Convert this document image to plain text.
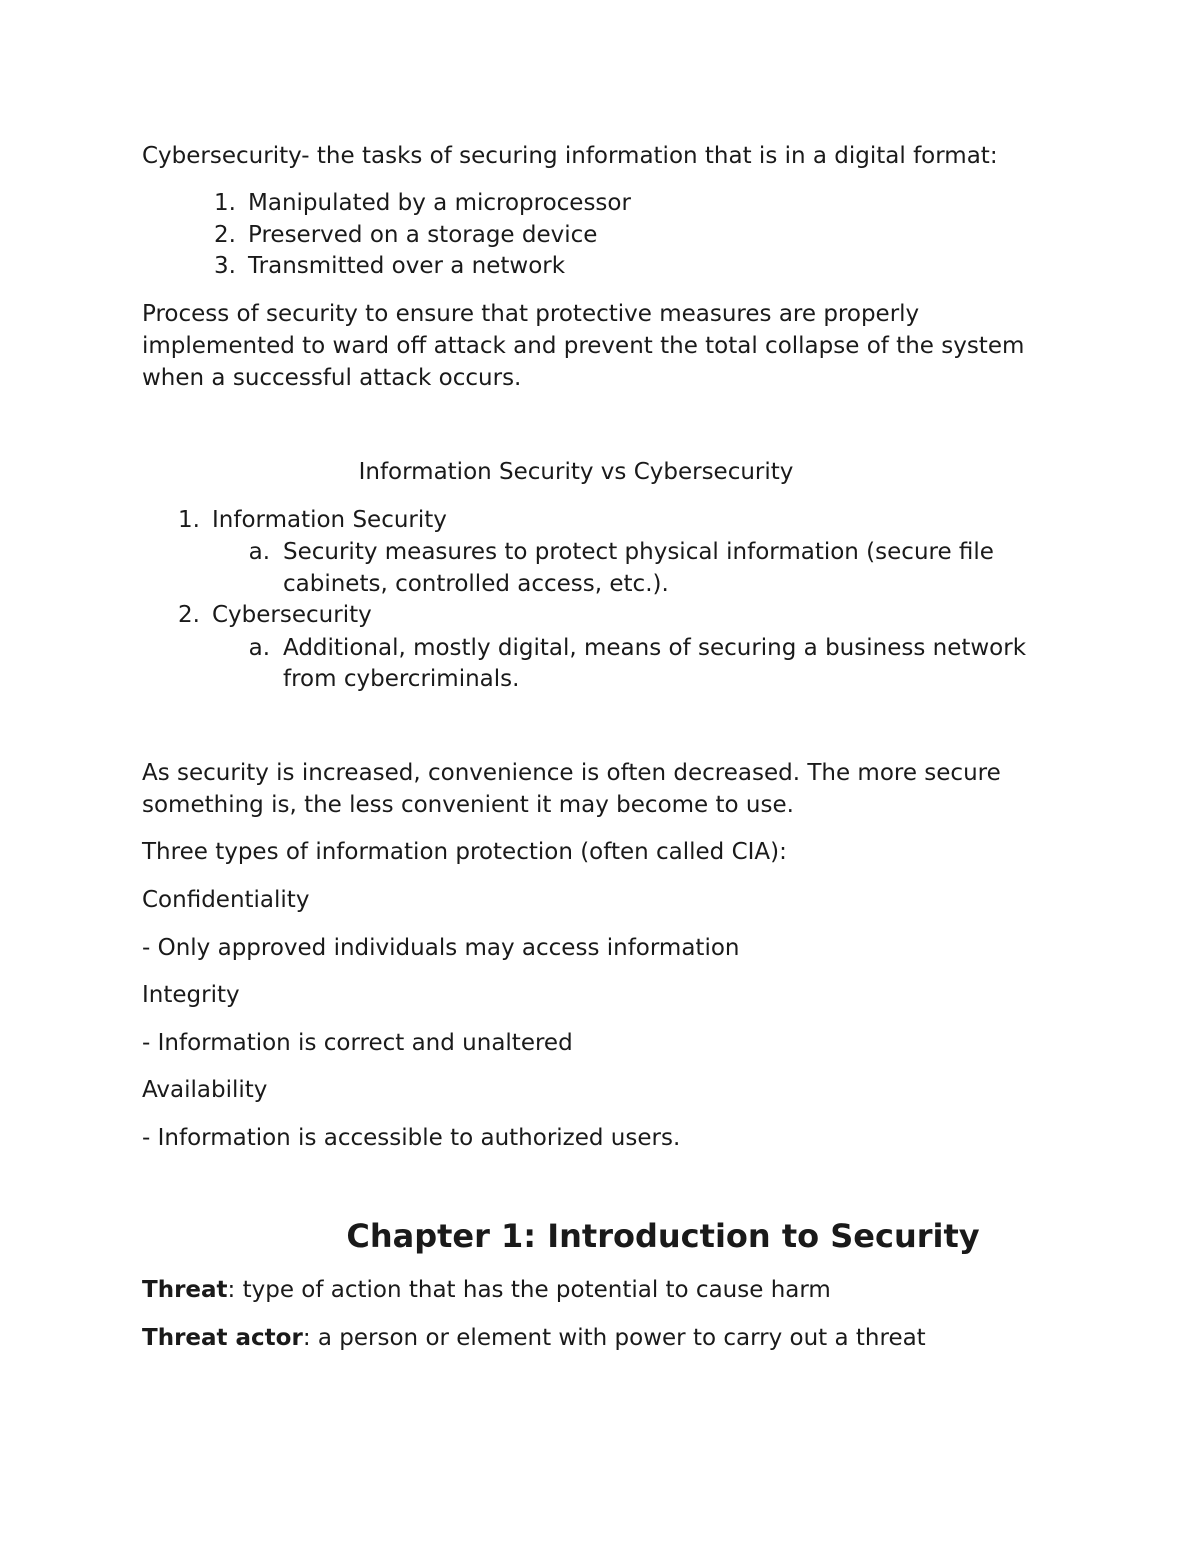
Cybersecurity- the tasks of securing information that is in a digital format:
1. Manipulated by a microprocessor
2. Preserved on a storage device
3. Transmitted over a network
Process of security to ensure that protective measures are properly
implemented to ward off attack and prevent the total collapse of the system
when a successful attack occurs.
Information Security vs Cybersecurity
1. Information Security
a. Security measures to protect physical information (secure file
cabinets, controlled access, etc.).
2. Cybersecurity
a. Additional, mostly digital, means of securing a business network
from cybercriminals.
As security is increased, convenience is often decreased. The more secure
something is, the less convenient it may become to use.
Three types of information protection (often called CIA):
Confidentiality
- Only approved individuals may access information
Integrity
- Information is correct and unaltered
Availability
- Information is accessible to authorized users.
Chapter 1: Introduction to Security
Threat: type of action that has the potential to cause harm
Threat actor: a person or element with power to carry out a threat
